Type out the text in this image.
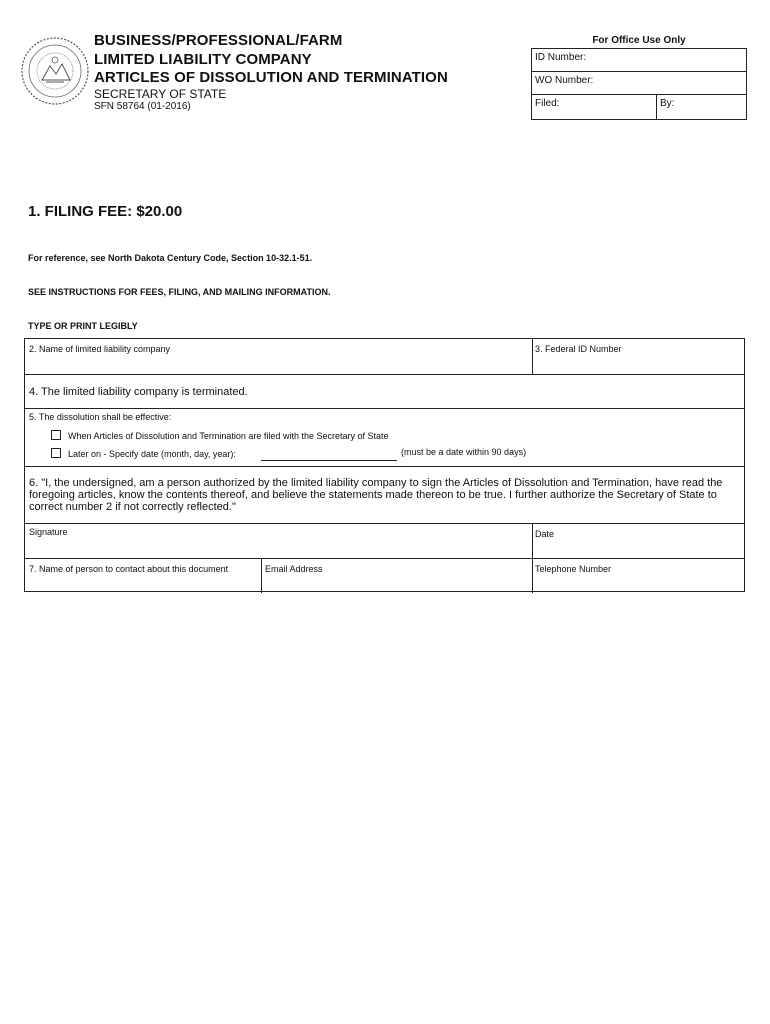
BUSINESS/PROFESSIONAL/FARM
LIMITED LIABILITY COMPANY
ARTICLES OF DISSOLUTION AND TERMINATION
SECRETARY OF STATE
SFN 58764 (01-2016)
For Office Use Only
ID Number:
WO Number:
Filed:	By:
1. FILING FEE: $20.00
For reference, see North Dakota Century Code, Section 10-32.1-51.
SEE INSTRUCTIONS FOR FEES, FILING, AND MAILING INFORMATION.
TYPE OR PRINT LEGIBLY
2. Name of limited liability company	3. Federal ID Number
4. The limited liability company is terminated.
5. The dissolution shall be effective:
When Articles of Dissolution and Termination are filed with the Secretary of State
Later on - Specify date (month, day, year):	(must be a date within 90 days)
6. "I, the undersigned, am a person authorized by the limited liability company to sign the Articles of Dissolution and Termination, have read the foregoing articles, know the contents thereof, and believe the statements made thereon to be true. I further authorize the Secretary of State to correct number 2 if not correctly reflected."
Signature	Date
7. Name of person to contact about this document	Email Address	Telephone Number
